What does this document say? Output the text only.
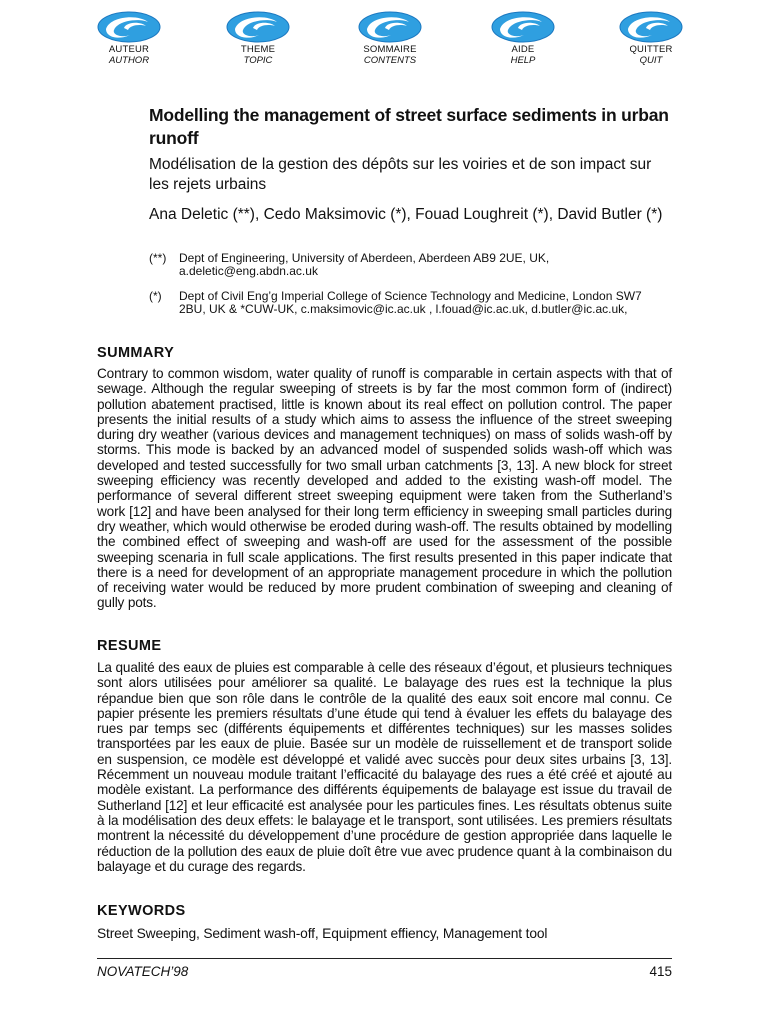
AUTEUR
AUTHOR
THEME
TOPIC
SOMMAIRE
CONTENTS
AIDE
HELP
QUITTER
QUIT
Modelling the management of street surface sediments in urban runoff
Modélisation de la gestion des dépôts sur les voiries et de son impact sur les rejets urbains
Ana Deletic (**), Cedo Maksimovic (*), Fouad Loughreit (*), David Butler (*)
(**) Dept of Engineering, University of Aberdeen, Aberdeen AB9 2UE, UK, a.deletic@eng.abdn.ac.uk
(*) Dept of Civil Eng’g Imperial College of Science Technology and Medicine, London SW7 2BU, UK & *CUW-UK, c.maksimovic@ic.ac.uk , l.fouad@ic.ac.uk, d.butler@ic.ac.uk,
SUMMARY
Contrary to common wisdom, water quality of runoff is comparable in certain aspects with that of sewage. Although the regular sweeping of streets is by far the most common form of (indirect) pollution abatement practised, little is known about its real effect on pollution control. The paper presents the initial results of a study which aims to assess the influence of the street sweeping during dry weather (various devices and management techniques) on mass of solids wash-off by storms. This mode is backed by an advanced model of suspended solids wash-off which was developed and tested successfully for two small urban catchments [3, 13]. A new block for street sweeping efficiency was recently developed and added to the existing wash-off model. The performance of several different street sweeping equipment were taken from the Sutherland’s work [12] and have been analysed for their long term efficiency in sweeping small particles during dry weather, which would otherwise be eroded during wash-off. The results obtained by modelling the combined effect of sweeping and wash-off are used for the assessment of the possible sweeping scenaria in full scale applications. The first results presented in this paper indicate that there is a need for development of an appropriate management procedure in which the pollution of receiving water would be reduced by more prudent combination of sweeping and cleaning of gully pots.
RESUME
La qualité des eaux de pluies est comparable à celle des réseaux d’égout, et plusieurs techniques sont alors utilisées pour améliorer sa qualité. Le balayage des rues est la technique la plus répandue bien que son rôle dans le contrôle de la qualité des eaux soit encore mal connu. Ce papier présente les premiers résultats d’une étude qui tend à évaluer les effets du balayage des rues par temps sec (différents équipements et différentes techniques) sur les masses solides transportées par les eaux de pluie. Basée sur un modèle de ruissellement et de transport solide en suspension, ce modèle est développé et validé avec succès pour deux sites urbains [3, 13]. Récemment un nouveau module traitant l’efficacité du balayage des rues a été créé et ajouté au modèle existant. La performance des différents équipements de balayage est issue du travail de Sutherland [12] et leur efficacité est analysée pour les particules fines. Les résultats obtenus suite à la modélisation des deux effets: le balayage et le transport, sont utilisées. Les premiers résultats montrent la nécessité du développement d’une procédure de gestion appropriée dans laquelle le réduction de la pollution des eaux de pluie doît être vue avec prudence quant à la combinaison du balayage et du curage des regards.
KEYWORDS
Street Sweeping, Sediment wash-off, Equipment effiency, Management tool
NOVATECH’98	415
